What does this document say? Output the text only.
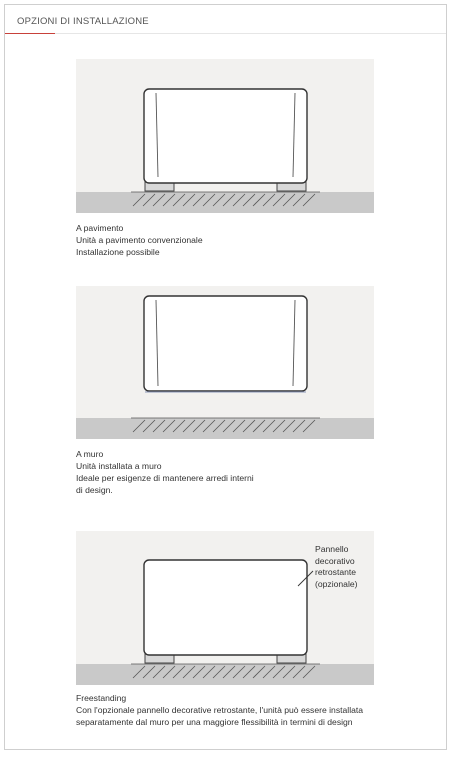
OPZIONI DI INSTALLAZIONE
A pavimento
Unità a pavimento convenzionale
Installazione possibile
A muro
Unità installata a muro
Ideale per esigenze di mantenere arredi interni
di design.
Pannello
decorativo
retrostante
(opzionale)
Freestanding
Con l'opzionale pannello decorative retrostante, l'unità può essere installata
separatamente dal muro per una maggiore flessibilità in termini di design
